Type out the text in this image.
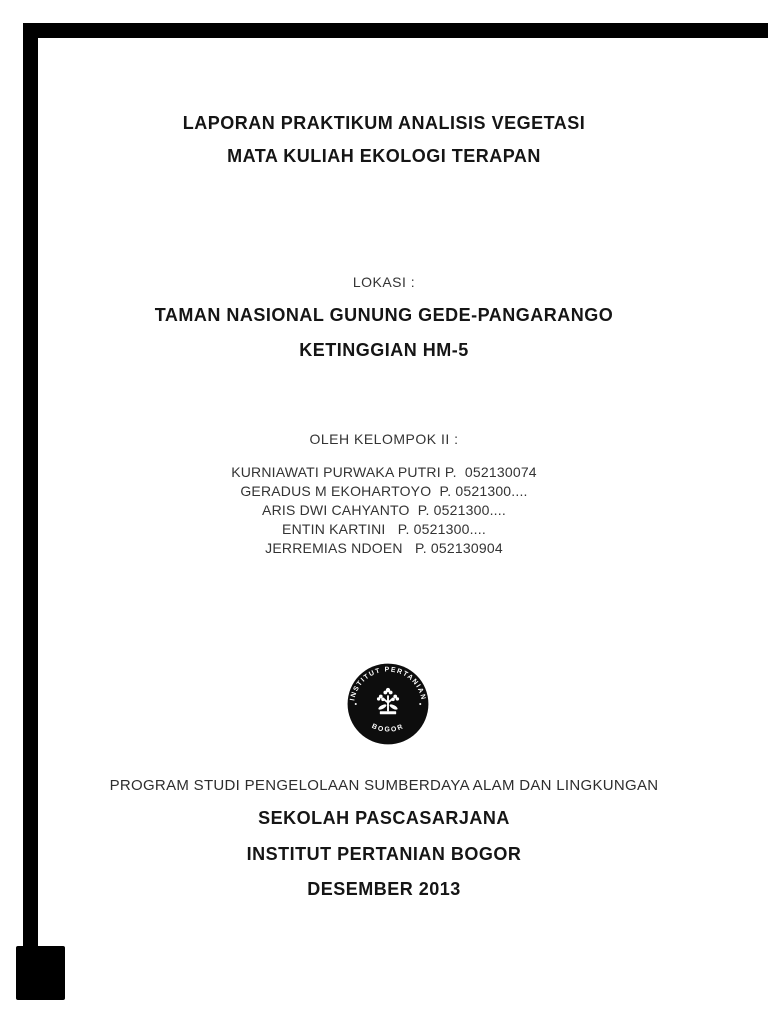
LAPORAN PRAKTIKUM ANALISIS VEGETASI
MATA KULIAH EKOLOGI TERAPAN
LOKASI :
TAMAN NASIONAL GUNUNG GEDE-PANGARANGO
KETINGGIAN HM-5
OLEH KELOMPOK II :
KURNIAWATI PURWAKA PUTRI P.  052130074
GERADUS M EKOHARTOYO  P. 0521300....
ARIS DWI CAHYANTO  P. 0521300....
ENTIN KARTINI   P. 0521300....
JERREMIAS NDOEN   P. 052130904
INSTITUT PERTANIAN
BOGOR
PROGRAM STUDI PENGELOLAAN SUMBERDAYA ALAM DAN LINGKUNGAN
SEKOLAH PASCASARJANA
INSTITUT PERTANIAN BOGOR
DESEMBER 2013
